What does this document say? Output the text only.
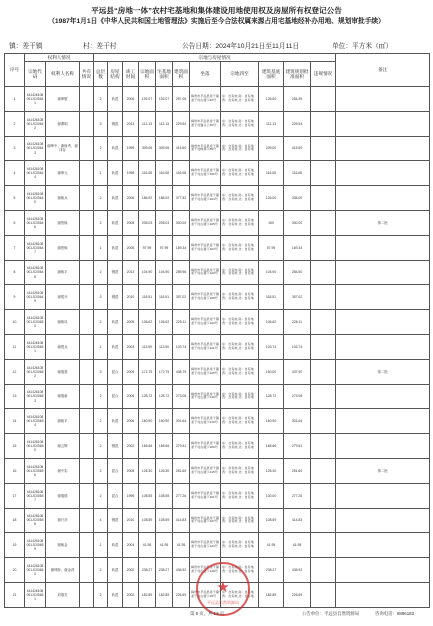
平远县“房地一体”农村宅基地和集体建设用地使用权及房屋所有权登记公告
（1987年1月1日《中华人民共和国土地管理法》实施后至今合法权属来源占用宅基地经补办用地、规划审批手续）
镇：差干镇	村：差干村	公告日期：2024年10月21日至11月11日	单位：平方米（㎡）
序号	权利人情况			宗地与房屋情况											备注
	宗地代码	权利人名称	共有情况	总层数	房屋结构	竣工时间	宗地面积	宅基地面积	建筑面积	坐落	宗地四至	建筑基底面积	建筑规划批准面积	违规情况	
1	441426108001JC00641	谢坤敬		2	砖混	2006	192.07	192.07	257.06	梅州市平远县差干镇差干村古楼下40号	东：自有地 南：自有地 西：自有地 北：自有地	126.50	254.39		
2	441426108001JC00642	谢谓明		3	钢混	2013	112.13	112.13	229.54	梅州市平远县差干镇差干村猫头上45号	东：自有地 南：自有地 西：自有地 北：自有地	112.13	229.54		
3	441426108001JC00643	谢坤中、谢焕秀、谢泽存		2	砖混	1999	309.06	309.06	415.50	梅州市平远县差干镇差干村枫林下85号	东：自有地 南：自有地 西：自有地 北：自有地	209.00	415.50		
4	441426108001JC00644	谢坤元		1	砖混	1998	116.08	116.08	116.08	梅州市平远县差干镇差干村古楼下106号	东：自有地 南：自有地 西：自有地 北：自有地	116.08	116.08		
5	441426108001JC00645	谢焕兵		2	砖混	2006	186.92	186.92	377.52	梅州市平远县差干镇差干村古楼下104号	东：自有地 南：自有地 西：自有地 北：自有地	126.00	336.00		
6	441426108001JC00646	谢资焕		2	砖混	2005	205.03	205.03	300.00	梅州市平远县差干镇差干村古楼下105号	东：自有地 南：自有地 西：自有地 北：自有地	150	300.00		第二批
7	441426108001JC00647	谢资焕		1	砖混	2005	97.99	97.99	169.34	梅州市平远县差干镇差干村古楼下102号	东：自有地 南：自有地 西：自有地 北：自有地	97.99	169.34		
8	441426108001JC00648	谢焕平		2	钢混	2013	104.90	104.90	289.96	梅州市平远县差干镇差干村古楼下120号	东：自有地 南：自有地 西：自有地 北：自有地	104.90	284.50		
9	441426108001JC00649	谢观开		3	钢混	2010	118.51	118.51	357.02	梅州市平远县差干镇差干村古楼下168号	东：自有地 南：自有地 西：自有地 北：自有地	118.51	357.02		
10	441426108001JC00650	谢焕凤		2	砖混	2005	106.62	106.62	225.11	梅州市平远县差干镇差干村古楼下223号	东：自有地 南：自有地 西：自有地 北：自有地	106.62	226.11		
11	441426108001JC00651	谢观兵		1	砖混	2003	113.90	113.90	103.74	梅州市平远县差干镇差干村古楼下221号	东：自有地 南：自有地 西：自有地 北：自有地	103.74	103.74		
12	441426108001JC00652	谢瑞基		3	混合	2009	172.75	172.75	438.79	梅州市平远县差干镇差干村古楼下225号	东：自有地 南：自有地 西：自有地 北：自有地	150.00	437.90		第二批
13	441426108001JC00653	谢瑞新		2	混合	2006	128.72	128.72	273.08	梅州市平远县差干镇差干村古楼下216号	东：自有地 南：自有地 西：自有地 北：自有地	128.72	273.08		
14	441426108001JC00654	谢焕平		2	砖混	2006	160.90	160.90	301.64	梅州市平远县差干镇差干村古楼下219号	东：自有地 南：自有地 西：自有地 北：自有地	160.90	301.64		
15	441426108001JC00655	谢云辉		2	钢混	2002	165.66	165.66	279.51	梅州市平远县差干镇差干村古楼下200号	东：自有地 南：自有地 西：自有地 北：自有地	165.66	279.51		
16	441426108001JC00656	谢中彩		2	混合	2005	126.30	126.30	251.60	梅州市平远县差干镇差干村古楼下215号	东：自有地 南：自有地 西：自有地 北：自有地	126.30	251.60		第二批
17	441426108001JC00657	谢瑞德		2	混合	1995	108.55	108.55	277.26	梅州市平远县差干镇差干村古楼下161号	东：自有地 南：自有地 西：自有地 北：自有地	130.00	277.26		
18	441426108001JC00658	谢只彦		4	钢混	2010	108.59	108.59	414.83	梅州市平远县差干镇差干村古楼下107号	东：自有地 南：自有地 西：自有地 北：自有地	108.59	414.83		
19	441426108001JC00659	谢焕金		1	砖混	2004	41.95	41.95	41.95	梅州市平远县差干镇差干村古楼下123号	东：自有地 南：自有地 西：自有地 北：自有地	41.95	41.95		
20	441426108001JC00660	谢坤娇、谢金萍		2	砖混	2002	238.27	238.27	436.92	梅州市平远县差干镇差干村古楼下146号	东：自有地 南：自有地 西：自有地 北：自有地	238.27	436.92		
21	441426108001JC00661	刘瑞芳		2	砖混	2002	182.89	182.89	226.69	梅州市平远县差干镇差干村古楼下25号	东：自有地 南：自有地 西：自有地 北：自有地	182.89	226.69		
★
平远县自然资源局
第 6 页，共 13 页	公告单位：平远县自然资源局	咨询电话：8896183
